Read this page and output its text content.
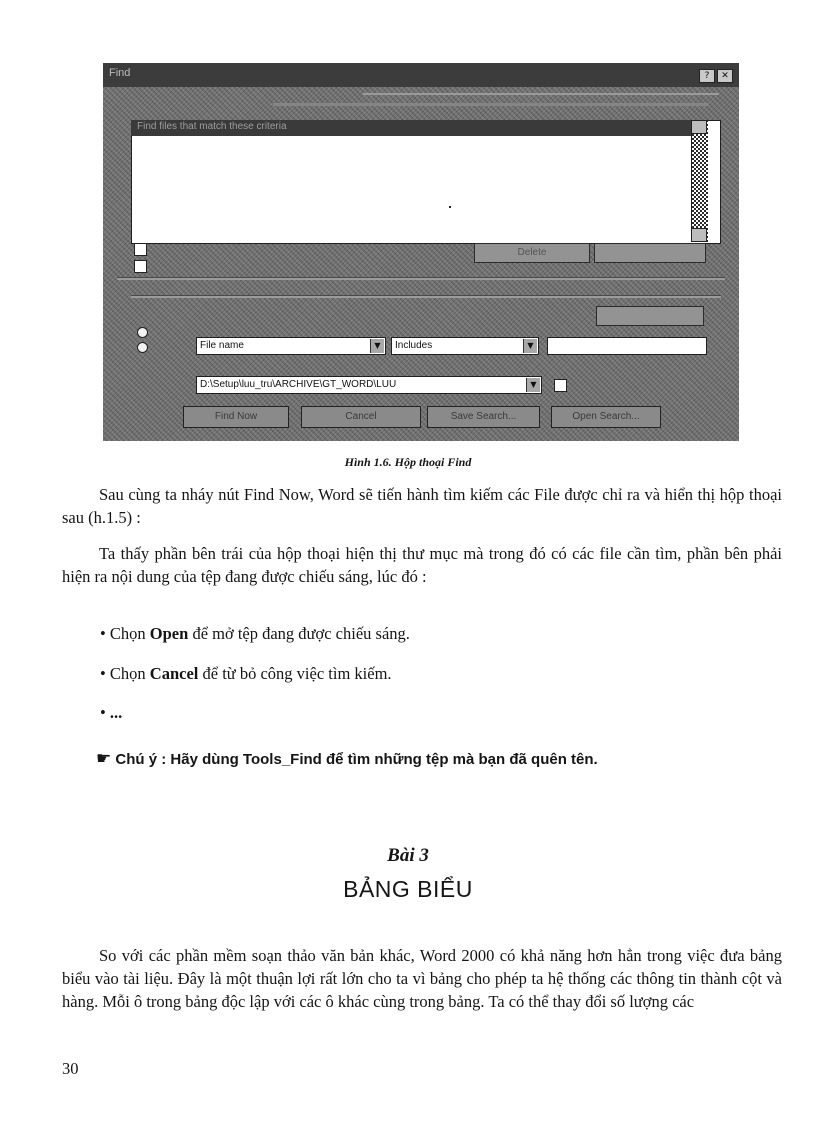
Find	?	✕
Find files that match these criteria
Delete
File name	▼	Includes	▼
D:\Setup\luu_tru\ARCHIVE\GT_WORD\LUU	▼
Find Now	Cancel	Save Search...	Open Search...
Hình 1.6. Hộp thoại Find

Sau cùng ta nháy nút Find Now, Word sẽ tiến hành tìm kiếm các File được chỉ ra và hiển thị hộp thoại sau (h.1.5) :

Ta thấy phần bên trái của hộp thoại hiện thị thư mục mà trong đó có các file cần tìm, phần bên phải hiện ra nội dung của tệp đang được chiếu sáng, lúc đó :

• Chọn Open để mở tệp đang được chiếu sáng.

• Chọn Cancel để từ bỏ công việc tìm kiếm.

• ...

☛ Chú ý : Hãy dùng Tools_Find để tìm những tệp mà bạn đã quên tên.
Bài 3
BẢNG BIỂU

So với các phần mềm soạn thảo văn bản khác, Word 2000 có khả năng hơn hẳn trong việc đưa bảng biểu vào tài liệu. Đây là một thuận lợi rất lớn cho ta vì bảng cho phép ta hệ thống các thông tin thành cột và hàng. Mỗi ô trong bảng độc lập với các ô khác cùng trong bảng. Ta có thể thay đổi số lượng các

30
